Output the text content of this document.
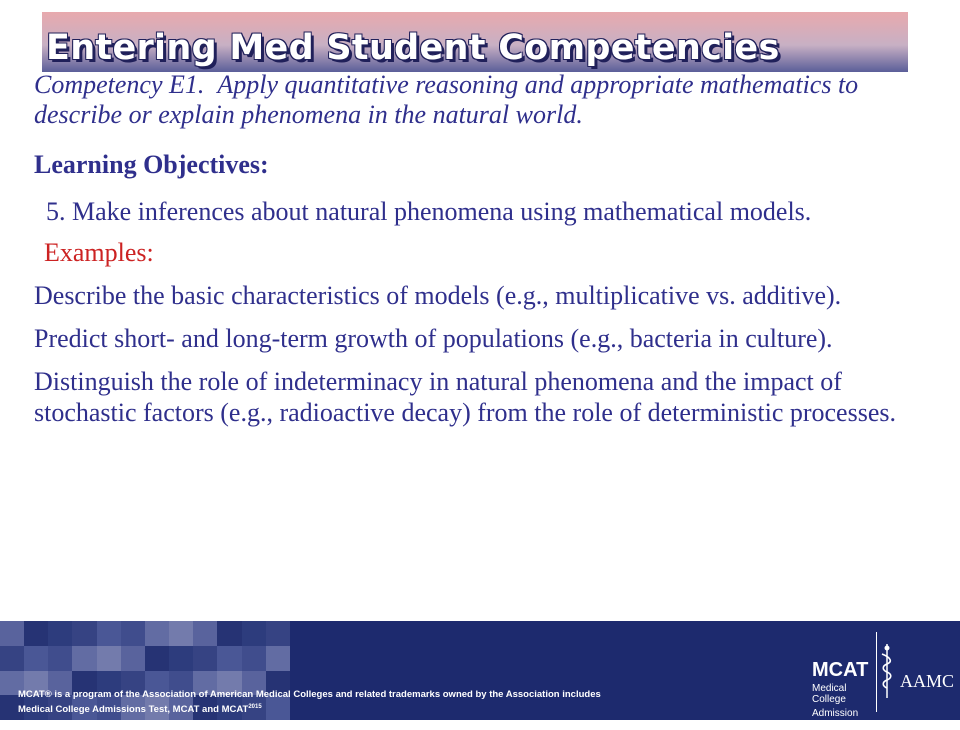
Entering Med Student Competencies

Competency E1. Apply quantitative reasoning and appropriate mathematics to describe or explain phenomena in the natural world.

Learning Objectives:

5. Make inferences about natural phenomena using mathematical models.

Examples:

Describe the basic characteristics of models (e.g., multiplicative vs. additive).

Predict short- and long-term growth of populations (e.g., bacteria in culture).

Distinguish the role of indeterminacy in natural phenomena and the impact of stochastic factors (e.g., radioactive decay) from the role of deterministic processes.

MCAT® is a program of the Association of American Medical Colleges and related trademarks owned by the Association includes
Medical College Admissions Test, MCAT and $MCAT^{2015}$

MCAT
Medical College
Admission Test
AAMC
